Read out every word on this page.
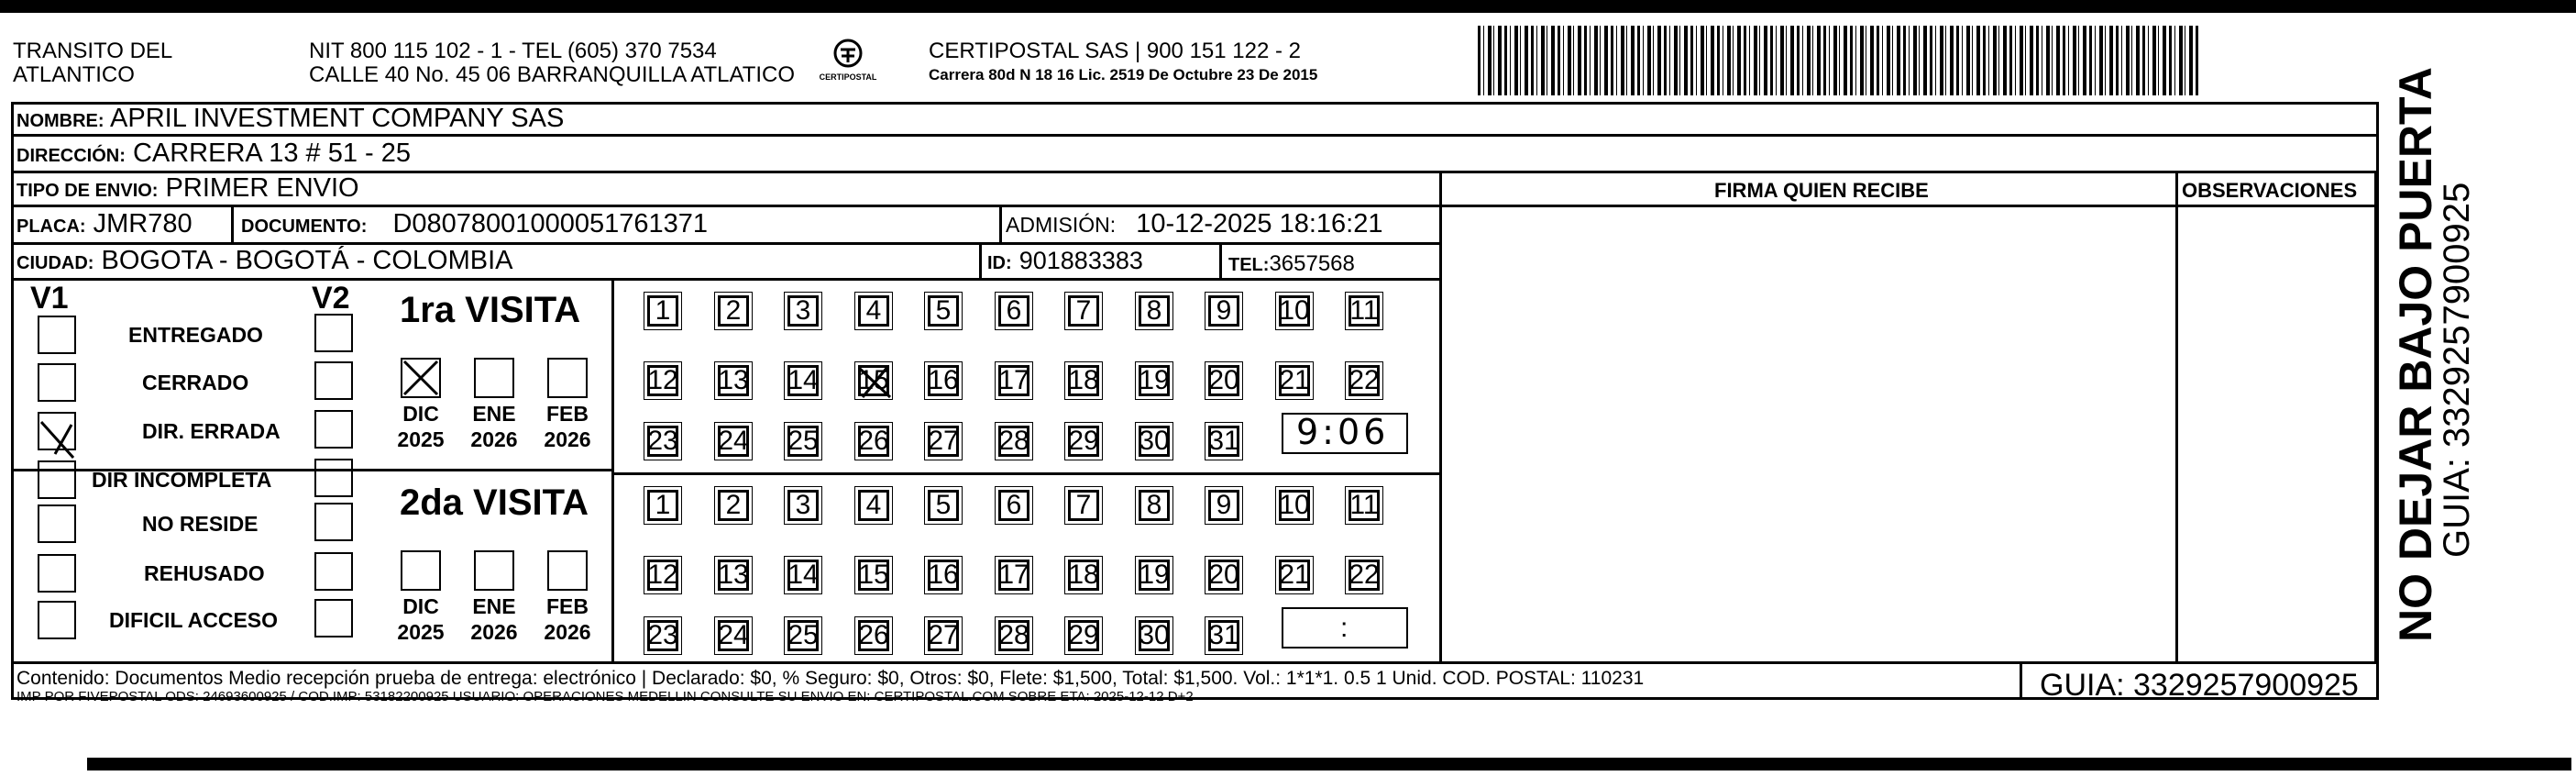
TRANSITO DEL
ATLANTICO
NIT 800 115 102 - 1 - TEL (605) 370 7534
CALLE 40 No. 45 06 BARRANQUILLA ATLATICO	CERTIPOSTAL
CERTIPOSTAL SAS | 900 151 122 - 2
Carrera 80d N 18 16 Lic. 2519 De Octubre 23 De 2015
NOMBRE: APRIL INVESTMENT COMPANY SAS
DIRECCIÓN: CARRERA 13 # 51 - 25
TIPO DE ENVIO: PRIMER ENVIO
PLACA: JMR780	DOCUMENTO: D08078001000051761371	ADMISIÓN: 10-12-2025 18:16:21
CIUDAD: BOGOTA - BOGOTÁ - COLOMBIA	ID: 901883383	TEL:3657568
FIRMA QUIEN RECIBE	OBSERVACIONES
V1	V2
ENTREGADO
CERRADO
DIR. ERRADA
DIR INCOMPLETA
NO RESIDE
REHUSADO
DIFICIL ACCESO
1ra VISITA
DIC
2025
ENE
2026
FEB
2026
2da VISITA
DIC
2025
ENE
2026
FEB
2026
1 2 3 4 5 6 7 8 9 10 11
12 13 14 15 16 17 18 19 20 21 22
23 24 25 26 27 28 29 30 31
1 2 3 4 5 6 7 8 9 10 11
12 13 14 15 16 17 18 19 20 21 22
23 24 25 26 27 28 29 30 31
9:06
:
Contenido: Documentos Medio recepción prueba de entrega: electrónico | Declarado: $0, % Seguro: $0, Otros: $0, Flete: $1,500, Total: $1,500. Vol.: 1*1*1. 0.5 1 Unid. COD. POSTAL: 110231
IMP POR FIVEPOSTAL ODS: 24693600925 / COD.IMP: 53182200925 USUARIO: OPERACIONES MEDELLIN CONSULTE SU ENVIO EN: CERTIPOSTAL.COM SOBRE ETA: 2025-12-12 D+2	GUIA: 3329257900925
NO DEJAR BAJO PUERTA
GUIA: 3329257900925
